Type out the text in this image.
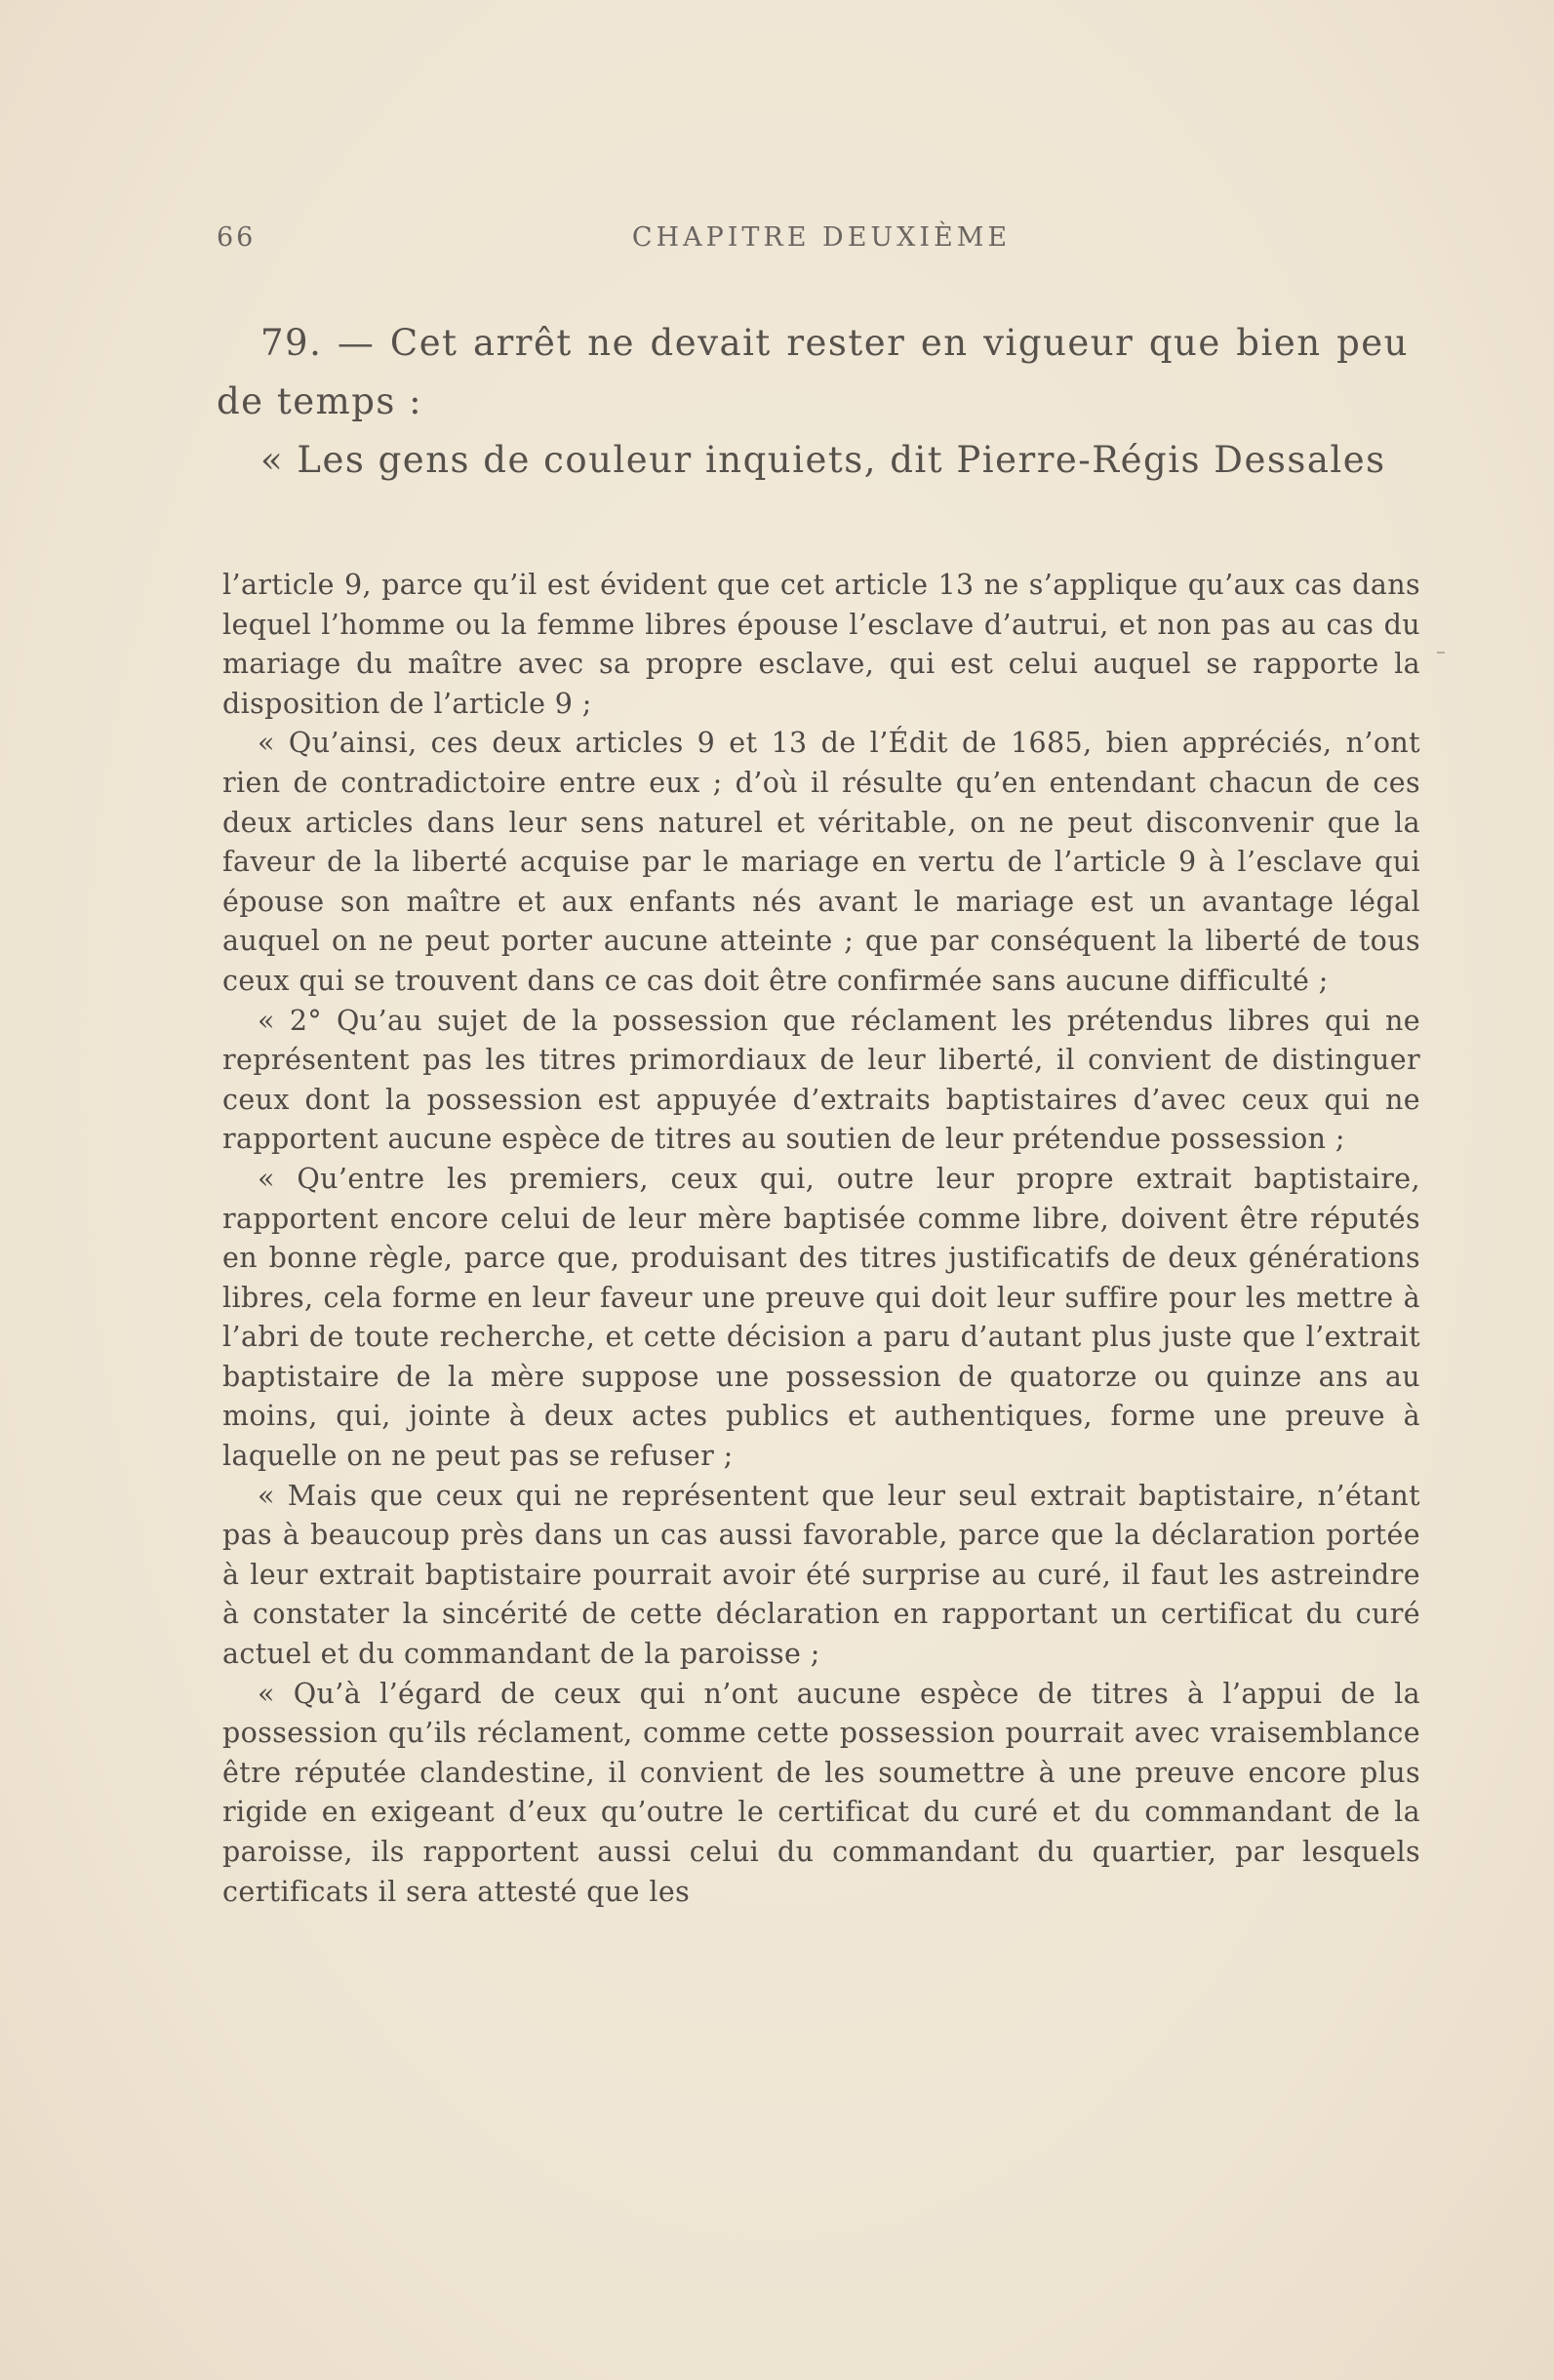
66	CHAPITRE DEUXIÈME

79. — Cet arrêt ne devait rester en vigueur que bien peu de temps :

« Les gens de couleur inquiets, dit Pierre-Régis Dessales

l’article 9, parce qu’il est évident que cet article 13 ne s’applique qu’aux cas dans lequel l’homme ou la femme libres épouse l’esclave d’autrui, et non pas au cas du mariage du maître avec sa propre esclave, qui est celui auquel se rapporte la disposition de l’article 9 ;

« Qu’ainsi, ces deux articles 9 et 13 de l’Édit de 1685, bien appréciés, n’ont rien de contradictoire entre eux ; d’où il résulte qu’en entendant chacun de ces deux articles dans leur sens naturel et véritable, on ne peut disconvenir que la faveur de la liberté acquise par le mariage en vertu de l’article 9 à l’esclave qui épouse son maître et aux enfants nés avant le mariage est un avantage légal auquel on ne peut porter aucune atteinte ; que par conséquent la liberté de tous ceux qui se trouvent dans ce cas doit être confirmée sans aucune difficulté ;

« 2° Qu’au sujet de la possession que réclament les prétendus libres qui ne représentent pas les titres primordiaux de leur liberté, il convient de distinguer ceux dont la possession est appuyée d’extraits baptistaires d’avec ceux qui ne rapportent aucune espèce de titres au soutien de leur prétendue possession ;

« Qu’entre les premiers, ceux qui, outre leur propre extrait baptistaire, rapportent encore celui de leur mère baptisée comme libre, doivent être réputés en bonne règle, parce que, produisant des titres justificatifs de deux générations libres, cela forme en leur faveur une preuve qui doit leur suffire pour les mettre à l’abri de toute recherche, et cette décision a paru d’autant plus juste que l’extrait baptistaire de la mère suppose une possession de quatorze ou quinze ans au moins, qui, jointe à deux actes publics et authentiques, forme une preuve à laquelle on ne peut pas se refuser ;

« Mais que ceux qui ne représentent que leur seul extrait baptistaire, n’étant pas à beaucoup près dans un cas aussi favorable, parce que la déclaration portée à leur extrait baptistaire pourrait avoir été surprise au curé, il faut les astreindre à constater la sincérité de cette déclaration en rapportant un certificat du curé actuel et du commandant de la paroisse ;

« Qu’à l’égard de ceux qui n’ont aucune espèce de titres à l’appui de la possession qu’ils réclament, comme cette possession pourrait avec vraisemblance être réputée clandestine, il convient de les soumettre à une preuve encore plus rigide en exigeant d’eux qu’outre le certificat du curé et du commandant de la paroisse, ils rapportent aussi celui du commandant du quartier, par lesquels certificats il sera attesté que les
